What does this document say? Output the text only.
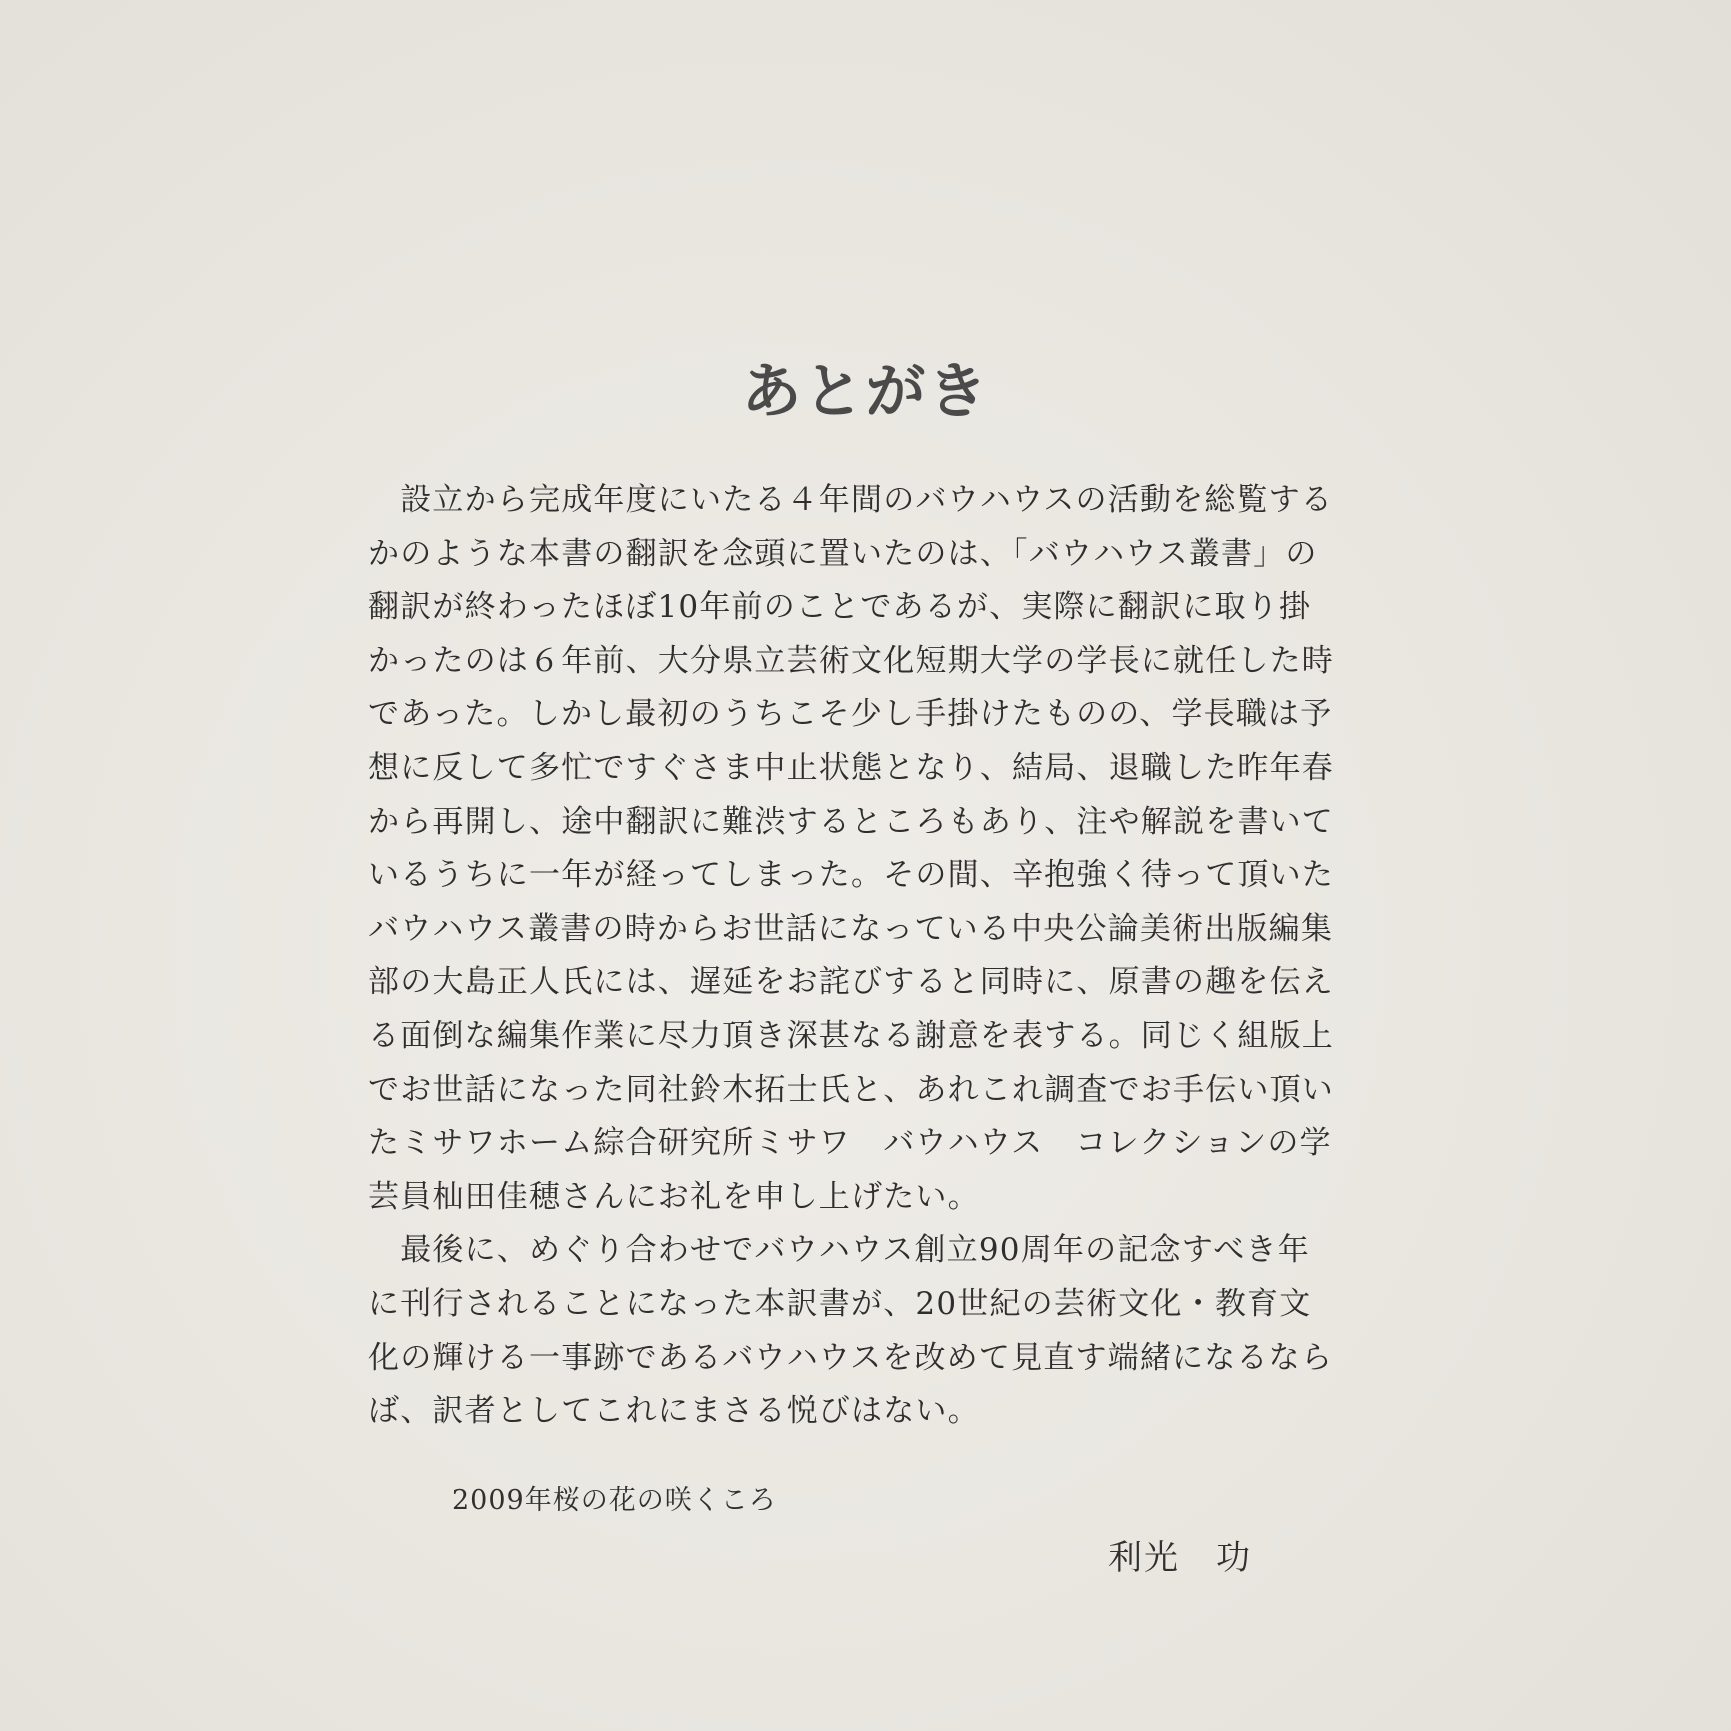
あとがき
　設立から完成年度にいたる４年間のバウハウスの活動を総覧する
かのような本書の翻訳を念頭に置いたのは、「バウハウス叢書」の
翻訳が終わったほぼ10年前のことであるが、実際に翻訳に取り掛
かったのは６年前、大分県立芸術文化短期大学の学長に就任した時
であった。しかし最初のうちこそ少し手掛けたものの、学長職は予
想に反して多忙ですぐさま中止状態となり、結局、退職した昨年春
から再開し、途中翻訳に難渋するところもあり、注や解説を書いて
いるうちに一年が経ってしまった。その間、辛抱強く待って頂いた
バウハウス叢書の時からお世話になっている中央公論美術出版編集
部の大島正人氏には、遅延をお詫びすると同時に、原書の趣を伝え
る面倒な編集作業に尽力頂き深甚なる謝意を表する。同じく組版上
でお世話になった同社鈴木拓士氏と、あれこれ調査でお手伝い頂い
たミサワホーム綜合研究所ミサワ　バウハウス　コレクションの学
芸員杣田佳穂さんにお礼を申し上げたい。
　最後に、めぐり合わせでバウハウス創立90周年の記念すべき年
に刊行されることになった本訳書が、20世紀の芸術文化・教育文
化の輝ける一事跡であるバウハウスを改めて見直す端緒になるなら
ば、訳者としてこれにまさる悦びはない。
2009年桜の花の咲くころ
利光　功
